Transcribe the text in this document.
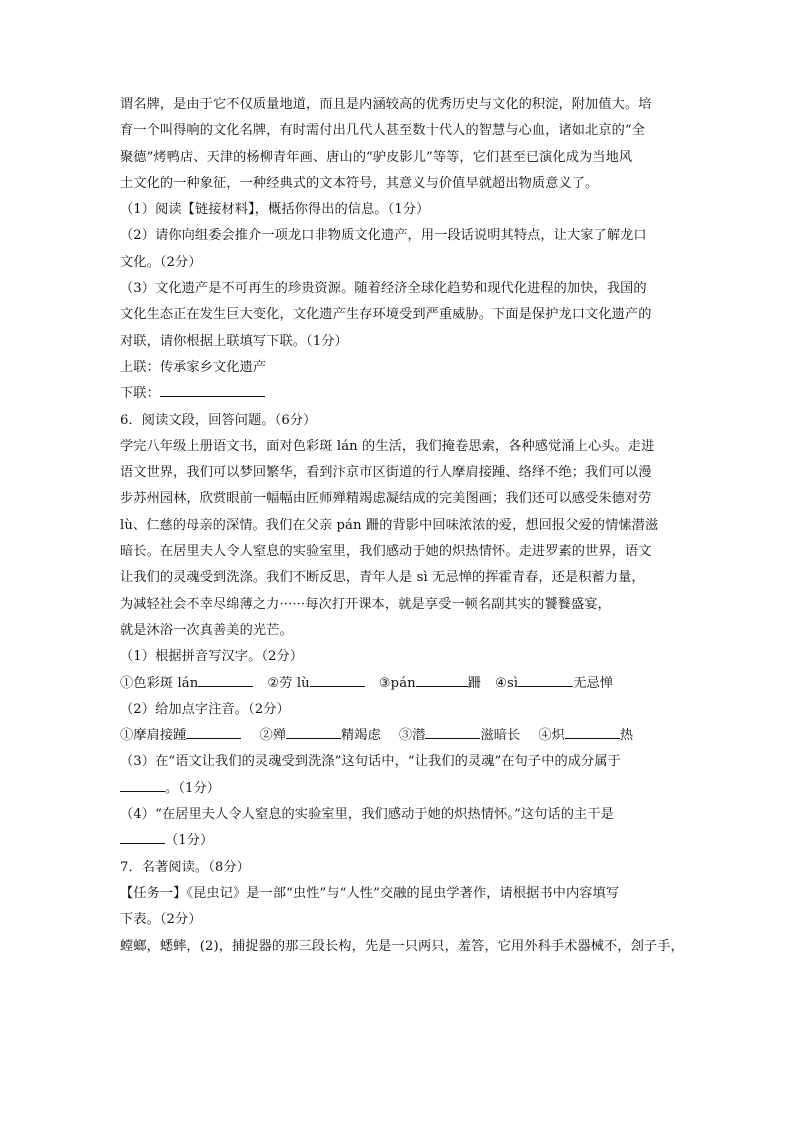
谓名牌，是由于它不仅质量地道，而且是内涵较高的优秀历史与文化的积淀，附加值大。培
育一个叫得响的文化名牌，有时需付出几代人甚至数十代人的智慧与心血，诸如北京的“全
聚德”烤鸭店、天津的杨柳青年画、唐山的“驴皮影儿”等等，它们甚至已演化成为当地风
土文化的一种象征，一种经典式的文本符号，其意义与价值早就超出物质意义了。
（1）阅读【链接材料】，概括你得出的信息。（1分）
（2）请你向组委会推介一项龙口非物质文化遗产，用一段话说明其特点，让大家了解龙口
文化。（2分）
（3）文化遗产是不可再生的珍贵资源。随着经济全球化趋势和现代化进程的加快，我国的
文化生态正在发生巨大变化，文化遗产生存环境受到严重威胁。下面是保护龙口文化遗产的
对联，请你根据上联填写下联。（1分）
上联：传承家乡文化遗产
下联：
6．阅读文段，回答问题。（6分）
学完八年级上册语文书，面对色彩斑 lán 的生活，我们掩卷思索，各种感觉涌上心头。走进
语文世界，我们可以梦回繁华，看到汴京市区街道的行人摩肩接踵、络绎不绝；我们可以漫
步苏州园林，欣赏眼前一幅幅由匠师殚精竭虑凝结成的完美图画；我们还可以感受朱德对劳
lù、仁慈的母亲的深情。我们在父亲 pán 跚的背影中回味浓浓的爱，想回报父爱的情愫潜滋
暗长。在居里夫人令人窒息的实验室里，我们感动于她的炽热情怀。走进罗素的世界，语文
让我们的灵魂受到洗涤。我们不断反思，青年人是 sì 无忌惮的挥霍青春，还是积蓄力量，
为减轻社会不幸尽绵薄之力······每次打开课本，就是享受一顿名副其实的饕餮盛宴，
就是沐浴一次真善美的光芒。
（1）根据拼音写汉字。（2分）
①色彩斑 lán	②劳 lù	③pán	跚 ④sì	无忌惮
（2）给加点字注音。（2分）
①摩肩接踵	②殚	精竭虑 ③潜	滋暗长 ④炽	热
（3）在“语文让我们的灵魂受到洗涤”这句话中，“让我们的灵魂”在句子中的成分属于
。（1分）
（4）“在居里夫人令人窒息的实验室里，我们感动于她的炽热情怀。”这句话的主干是
（1分）
7．名著阅读。（8分）
【任务一】《昆虫记》是一部“虫性”与“人性”交融的昆虫学著作，请根据书中内容填写
下表。（2分）
螳螂，蟋蟀，(2)，捕捉器的那三段长构，先是一只两只，羞答，它用外科手术器械不，刽子手，
